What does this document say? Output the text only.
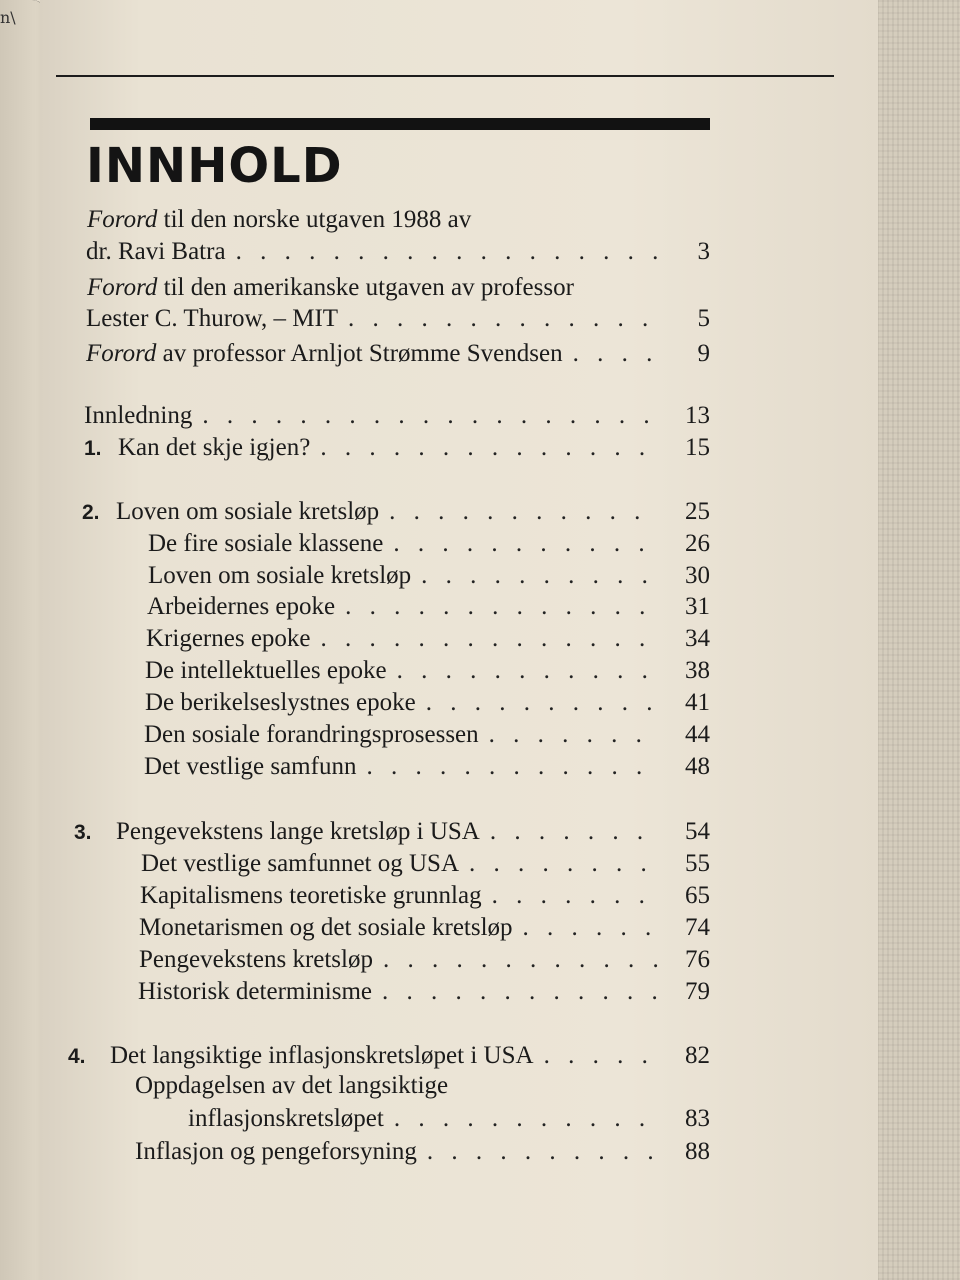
n\
INNHOLD
Forord til den norske utgaven 1988 av
dr. Ravi Batra . . .	3
Forord til den amerikanske utgaven av professor
Lester C. Thurow, – MIT . . .	5
Forord av professor Arnljot Strømme Svendsen . . .	9
Innledning . . .	13
1. Kan det skje igjen? . . .	15
2. Loven om sosiale kretsløp . . .	25
De fire sosiale klassene . . .	26
Loven om sosiale kretsløp . . .	30
Arbeidernes epoke . . .	31
Krigernes epoke . . .	34
De intellektuelles epoke . . .	38
De berikelseslystnes epoke . . .	41
Den sosiale forandringsprosessen . . .	44
Det vestlige samfunn . . .	48
3. Pengevekstens lange kretsløp i USA . . .	54
Det vestlige samfunnet og USA . . .	55
Kapitalismens teoretiske grunnlag . . .	65
Monetarismen og det sosiale kretsløp . . .	74
Pengevekstens kretsløp . . .	76
Historisk determinisme . . .	79
4. Det langsiktige inflasjonskretsløpet i USA . . .	82
Oppdagelsen av det langsiktige
inflasjonskretsløpet . . .	83
Inflasjon og pengeforsyning . . .	88
